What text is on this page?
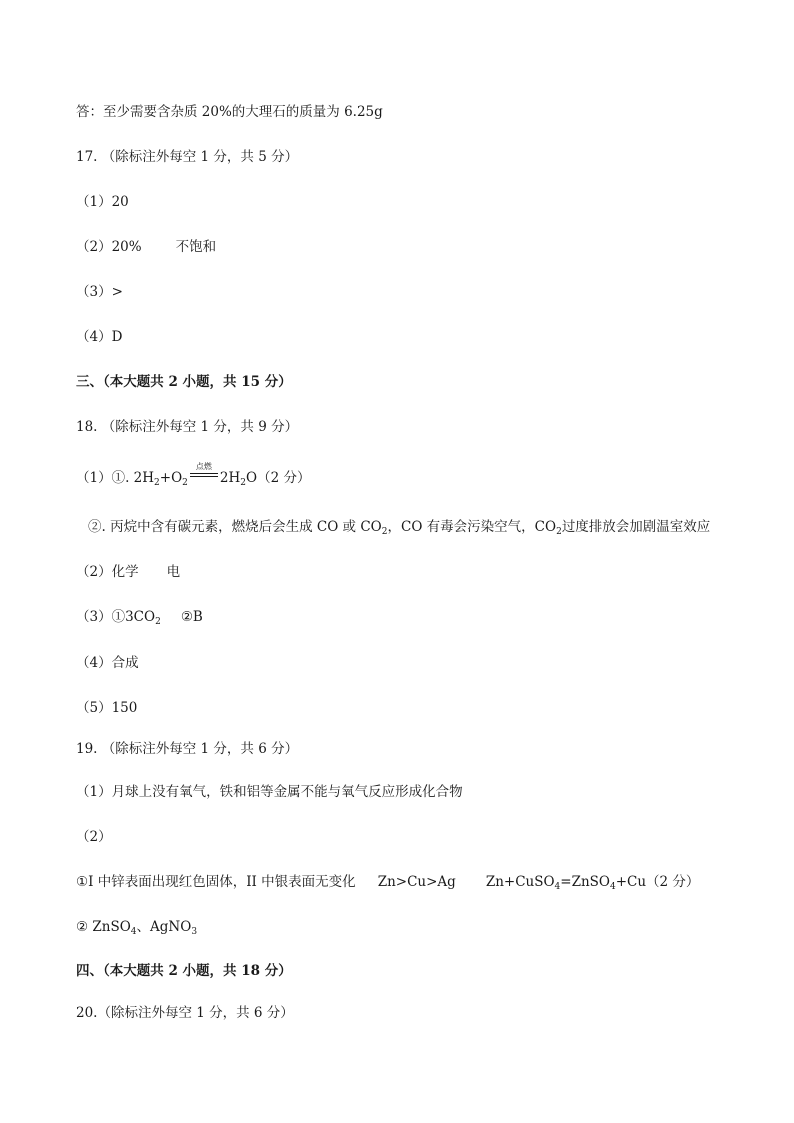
答：至少需要含杂质 20%的大理石的质量为 6.25g
17. （除标注外每空 1 分，共 5 分）
（1）20
（2）20%	不饱和
（3）>
（4）D
三、（本大题共 2 小题，共 15 分）
18. （除标注外每空 1 分，共 9 分）
（1）①. $2H_2+O_2$
点燃
$2H_2O(2$ 分）
②. 丙烷中含有碳元素，燃烧后会生成 CO 或 $CO_2$，CO 有毒会污染空气，$CO_2$过度排放会加剧温室效应
（2）化学 电
$(3)①3CO_2$ ②B
（4）合成
（5）150
19. （除标注外每空 1 分，共 6 分）
（1）月球上没有氧气，铁和铝等金属不能与氧气反应形成化合物
（2）
①I 中锌表面出现红色固体，II 中银表面无变化 Zn>Cu>Ag Zn+CuSO$_4$=ZnSO$_4$+Cu（2 分）
② ZnSO$_4$、AgNO$_3$
四、（本大题共 2 小题，共 18 分）
20.（除标注外每空 1 分，共 6 分）
